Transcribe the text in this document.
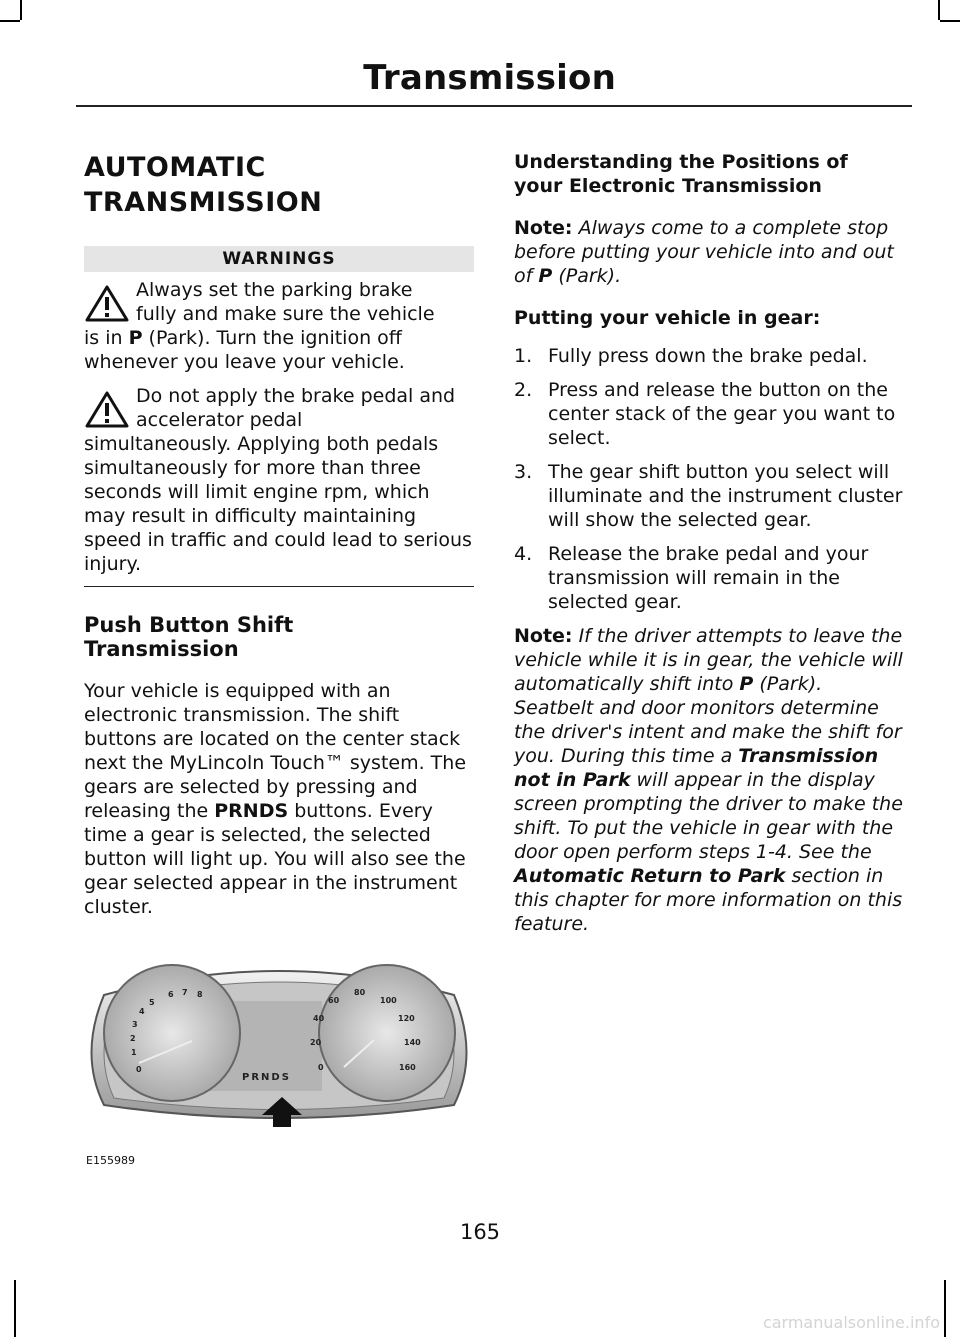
Transmission
AUTOMATIC
TRANSMISSION
WARNINGS
Always set the parking brake
fully and make sure the vehicle
is in P (Park). Turn the ignition off whenever you leave your vehicle.
Do not apply the brake pedal and
accelerator pedal
simultaneously. Applying both pedals simultaneously for more than three seconds will limit engine rpm, which may result in difficulty maintaining speed in traffic and could lead to serious injury.
Push Button Shift
Transmission

Your vehicle is equipped with an electronic transmission. The shift buttons are located on the center stack next the MyLincoln Touch™ system. The gears are selected by pressing and releasing the PRNDS buttons. Every time a gear is selected, the selected button will light up. You will also see the gear selected appear in the instrument cluster.

Understanding the Positions of
your Electronic Transmission

Note: Always come to a complete stop before putting your vehicle into and out of P (Park).

Putting your vehicle in gear:

1. Fully press down the brake pedal.
2. Press and release the button on the center stack of the gear you want to select.
3. The gear shift button you select will illuminate and the instrument cluster will show the selected gear.
4. Release the brake pedal and your transmission will remain in the selected gear.

Note: If the driver attempts to leave the vehicle while it is in gear, the vehicle will automatically shift into P (Park). Seatbelt and door monitors determine the driver's intent and make the shift for you. During this time a Transmission not in Park will appear in the display screen prompting the driver to make the shift. To put the vehicle in gear with the door open perform steps 1-4. See the Automatic Return to Park section in this chapter for more information on this feature.

0
1
2
3
4
5
6 7 8
0
20
40
60
80
100
120
140
160
PRNDS
E155989
165
carmanualsonline.info
